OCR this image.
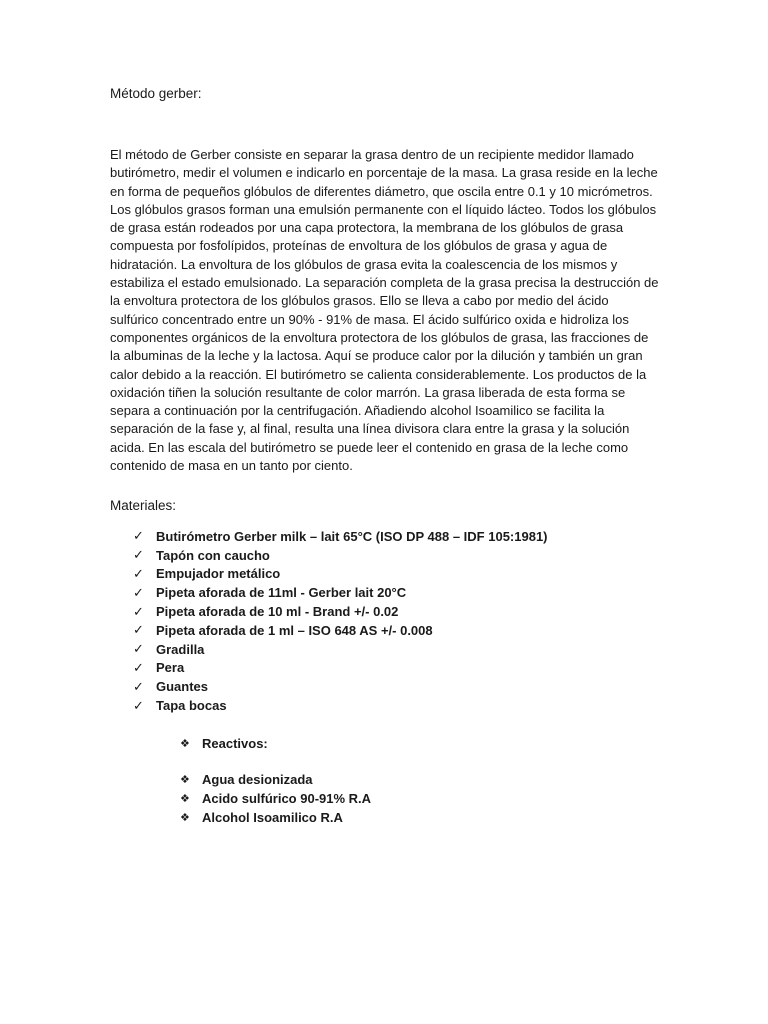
Método gerber:

El método de Gerber consiste en separar la grasa dentro de un recipiente medidor llamado
butirómetro, medir el volumen e indicarlo en porcentaje de la masa. La grasa reside en la leche
en forma de pequeños glóbulos de diferentes diámetro, que oscila entre 0.1 y 10 micrómetros.
Los glóbulos grasos forman una emulsión permanente con el líquido lácteo. Todos los glóbulos
de grasa están rodeados por una capa protectora, la membrana de los glóbulos de grasa
compuesta por fosfolípidos, proteínas de envoltura de los glóbulos de grasa y agua de
hidratación. La envoltura de los glóbulos de grasa evita la coalescencia de los mismos y
estabiliza el estado emulsionado. La separación completa de la grasa precisa la destrucción de
la envoltura protectora de los glóbulos grasos. Ello se lleva a cabo por medio del ácido
sulfúrico concentrado entre un 90% - 91% de masa. El ácido sulfúrico oxida e hidroliza los
componentes orgánicos de la envoltura protectora de los glóbulos de grasa, las fracciones de
la albuminas de la leche y la lactosa. Aquí se produce calor por la dilución y también un gran
calor debido a la reacción. El butirómetro se calienta considerablemente. Los productos de la
oxidación tiñen la solución resultante de color marrón. La grasa liberada de esta forma se
separa a continuación por la centrifugación. Añadiendo alcohol Isoamilico se facilita la
separación de la fase y, al final, resulta una línea divisora clara entre la grasa y la solución
acida. En las escala del butirómetro se puede leer el contenido en grasa de la leche como
contenido de masa en un tanto por ciento.

Materiales:
✓ Butirómetro Gerber milk – lait 65°C (ISO DP 488 – IDF 105:1981)
✓ Tapón con caucho
✓ Empujador metálico
✓ Pipeta aforada de 11ml - Gerber lait 20°C
✓ Pipeta aforada de 10 ml - Brand +/- 0.02
✓ Pipeta aforada de 1 ml – ISO 648 AS +/- 0.008
✓ Gradilla
✓ Pera
✓ Guantes
✓ Tapa bocas
❖ Reactivos:
❖ Agua desionizada
❖ Acido sulfúrico 90-91% R.A
❖ Alcohol Isoamilico R.A
